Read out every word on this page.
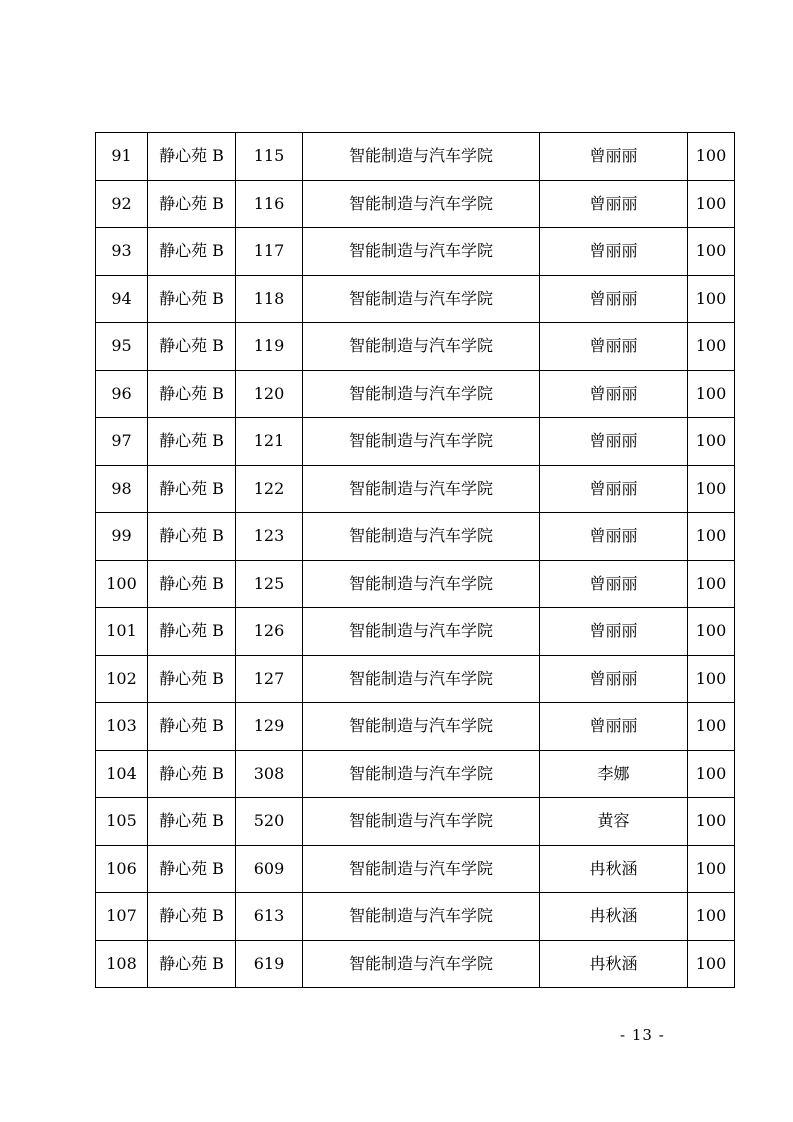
91	静心苑 B	115	智能制造与汽车学院	曾丽丽	100
92	静心苑 B	116	智能制造与汽车学院	曾丽丽	100
93	静心苑 B	117	智能制造与汽车学院	曾丽丽	100
94	静心苑 B	118	智能制造与汽车学院	曾丽丽	100
95	静心苑 B	119	智能制造与汽车学院	曾丽丽	100
96	静心苑 B	120	智能制造与汽车学院	曾丽丽	100
97	静心苑 B	121	智能制造与汽车学院	曾丽丽	100
98	静心苑 B	122	智能制造与汽车学院	曾丽丽	100
99	静心苑 B	123	智能制造与汽车学院	曾丽丽	100
100	静心苑 B	125	智能制造与汽车学院	曾丽丽	100
101	静心苑 B	126	智能制造与汽车学院	曾丽丽	100
102	静心苑 B	127	智能制造与汽车学院	曾丽丽	100
103	静心苑 B	129	智能制造与汽车学院	曾丽丽	100
104	静心苑 B	308	智能制造与汽车学院	李娜	100
105	静心苑 B	520	智能制造与汽车学院	黄容	100
106	静心苑 B	609	智能制造与汽车学院	冉秋涵	100
107	静心苑 B	613	智能制造与汽车学院	冉秋涵	100
108	静心苑 B	619	智能制造与汽车学院	冉秋涵	100
- 13 -
